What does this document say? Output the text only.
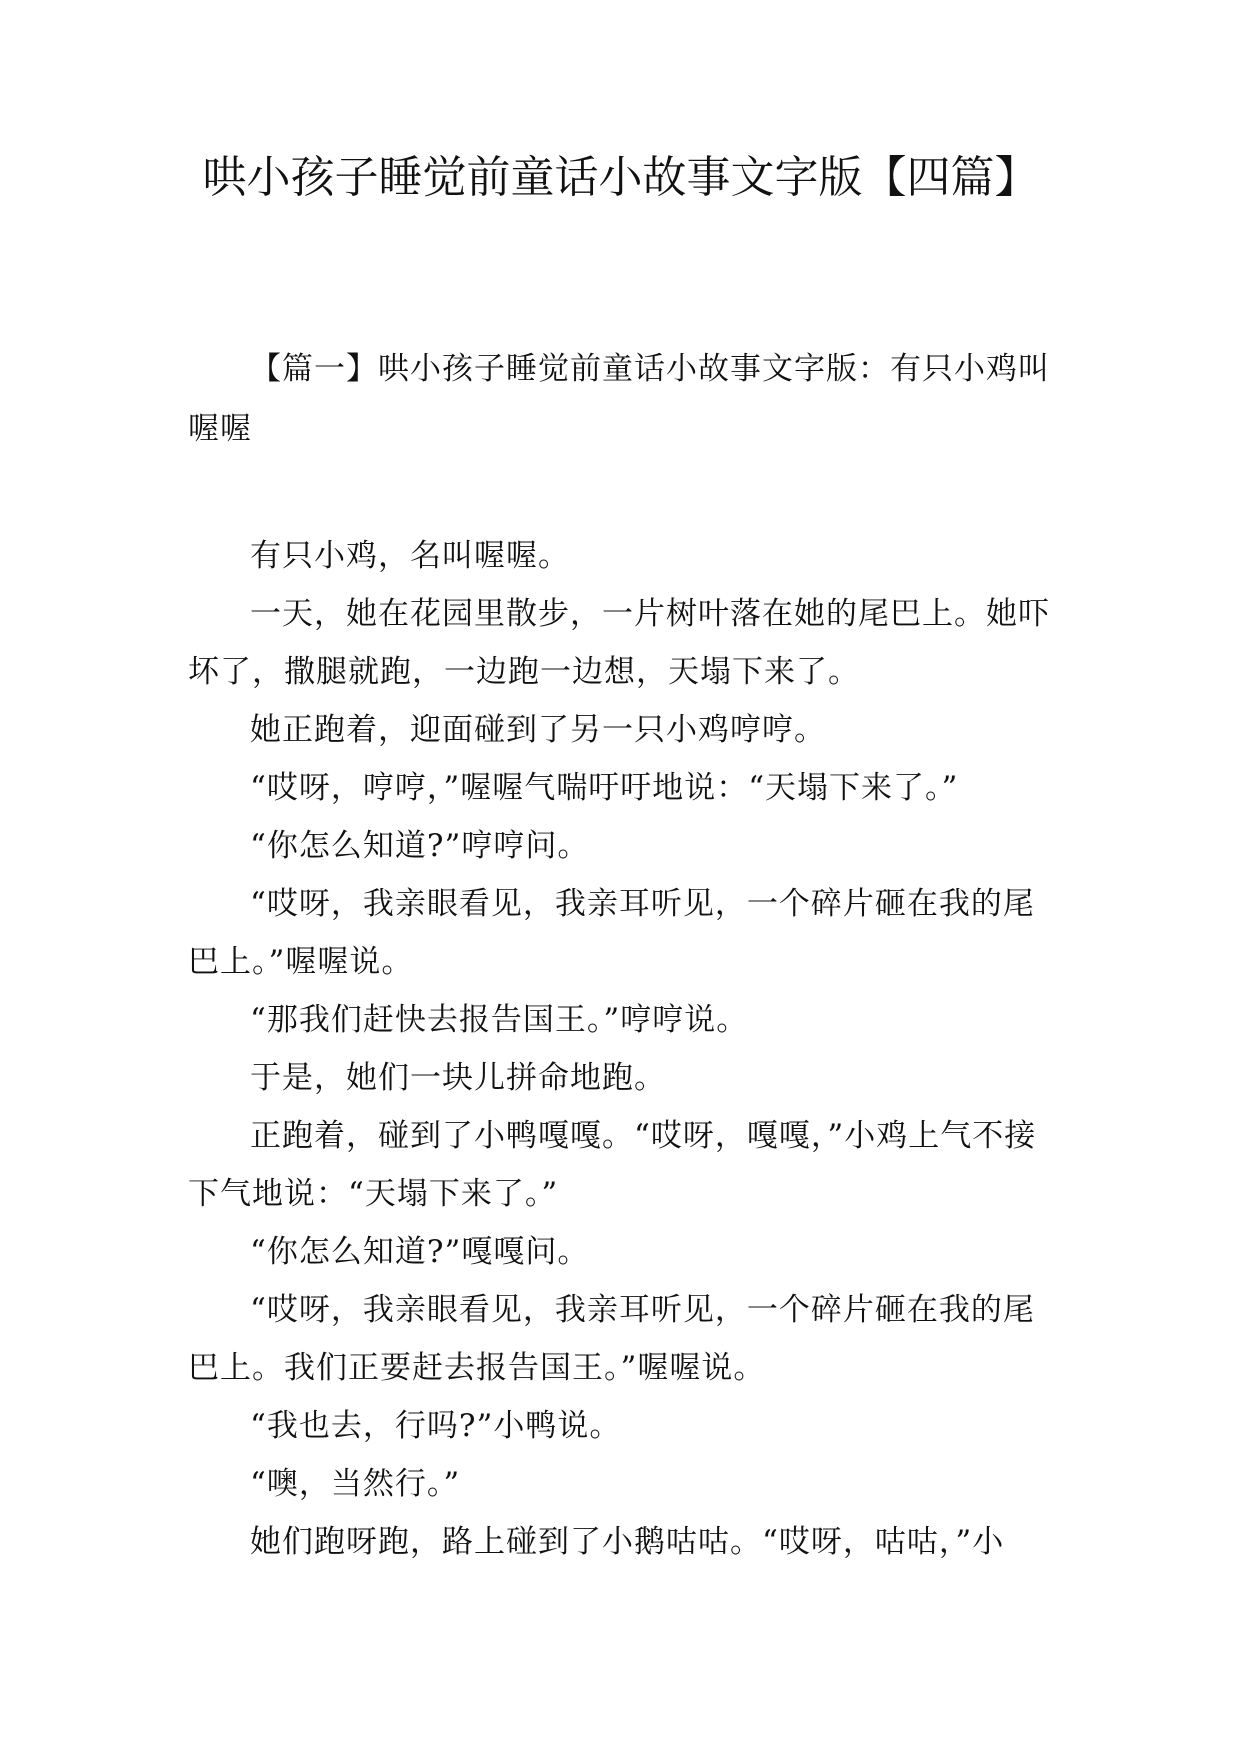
哄小孩子睡觉前童话小故事文字版【四篇】

【篇一】哄小孩子睡觉前童话小故事文字版：有只小鸡叫喔喔

有只小鸡，名叫喔喔。

一天，她在花园里散步，一片树叶落在她的尾巴上。她吓坏了，撒腿就跑，一边跑一边想，天塌下来了。

她正跑着，迎面碰到了另一只小鸡哼哼。

“哎呀，哼哼，”喔喔气喘吁吁地说：“天塌下来了。”

“你怎么知道?”哼哼问。

“哎呀，我亲眼看见，我亲耳听见，一个碎片砸在我的尾巴上。”喔喔说。

“那我们赶快去报告国王。”哼哼说。

于是，她们一块儿拼命地跑。

正跑着，碰到了小鸭嘎嘎。“哎呀，嘎嘎，”小鸡上气不接下气地说：“天塌下来了。”

“你怎么知道?”嘎嘎问。

“哎呀，我亲眼看见，我亲耳听见，一个碎片砸在我的尾巴上。我们正要赶去报告国王。”喔喔说。

“我也去，行吗?”小鸭说。

“噢，当然行。”

她们跑呀跑，路上碰到了小鹅咕咕。“哎呀，咕咕，”小
